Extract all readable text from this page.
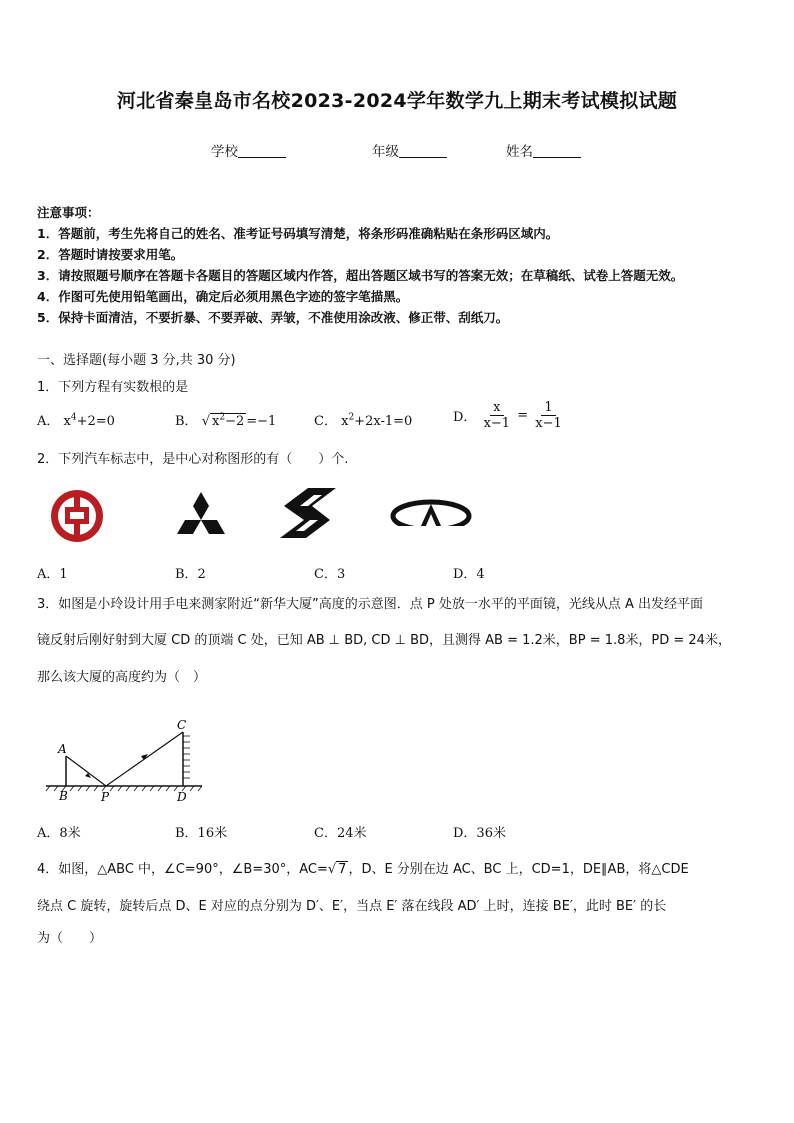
河北省秦皇岛市名校2023-2024学年数学九上期末考试模拟试题
学校	年级	姓名
注意事项：
1．答题前，考生先将自己的姓名、准考证号码填写清楚，将条形码准确粘贴在条形码区域内。
2．答题时请按要求用笔。
3．请按照题号顺序在答题卡各题目的答题区域内作答，超出答题区域书写的答案无效；在草稿纸、试卷上答题无效。
4．作图可先使用铅笔画出，确定后必须用黑色字迹的签字笔描黑。
5．保持卡面清洁，不要折暴、不要弄破、弄皱，不准使用涂改液、修正带、刮纸刀。
一、选择题(每小题 3 分,共 30 分)
1．下列方程有实数根的是
A． $x^4+2=0$	B． √ $x^2-2 =-1$	C． $x^2+2x-1=0$	D． $\frac{x}{x-1} = \frac{1}{x-1}$
2．下列汽车标志中，是中心对称图形的有（　　）个.
A．1	B．2	C．3	D．4
3．如图是小玲设计用手电来测家附近“新华大厦”高度的示意图．点 P 处放一水平的平面镜，光线从点 A 出发经平面
镜反射后刚好射到大厦 CD 的顶端 C 处，已知 AB ⊥ BD, CD ⊥ BD，且测得 AB = 1.2米，BP = 1.8米，PD = 24米，
那么该大厦的高度约为（　）
A
B	P
C
D
A．8米	B．16米	C．24米	D．36米
4．如图，△ABC 中，∠C=90°，∠B=30°，AC=√ 7 ，D、E 分别在边 AC、BC 上，CD=1，DE∥AB，将△CDE
绕点 C 旋转，旋转后点 D、E 对应的点分别为 D′、E′，当点 E′ 落在线段 AD′ 上时，连接 BE′，此时 BE′ 的长
为（　　）
